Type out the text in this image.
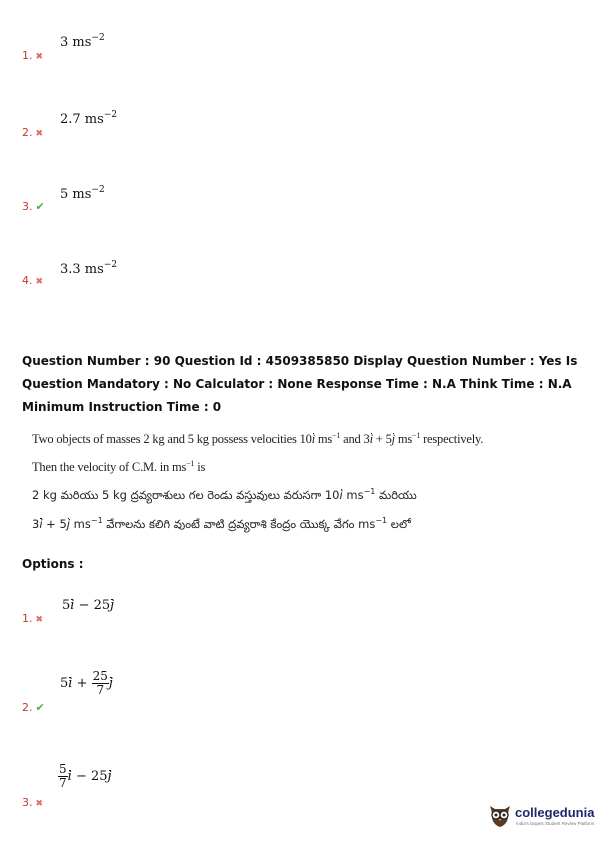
3 $ms^{-2}$
1. ✖
2.7 $ms^{-2}$
2. ✖
5 $ms^{-2}$
3. ✔
3.3 $ms^{-2}$
4. ✖
Question Number : 90 Question Id : 4509385850 Display Question Number : Yes Is Question Mandatory : No Calculator : None Response Time : N.A Think Time : N.A Minimum Instruction Time : 0
Two objects of masses 2 kg and 5 kg possess velocities 10i $ms^{-1}$ and 3i + 5j $ms^{-1}$ respectively.
Then the velocity of C.M. in $ms^{-1}$ is
2 kg మరియు 5 kg ద్రవ్యరాశులు గల రెండు వస్తువులు వరుసగా 10i $ms^{-1}$ మరియు
3i + 5j $ms^{-1}$ వేగాలను కలిగి వుంటే వాటి ద్రవ్యరాశి కేంద్రం యొక్క వేగం $ms^{-1}$ లలో
Options :
5i − 25j
1. ✖
$5i + \frac{25}{7}$ j
2. ✔
$\frac{5}{7}$ i − 25j
3. ✖
collegedunia
India's largest Student Review Platform
